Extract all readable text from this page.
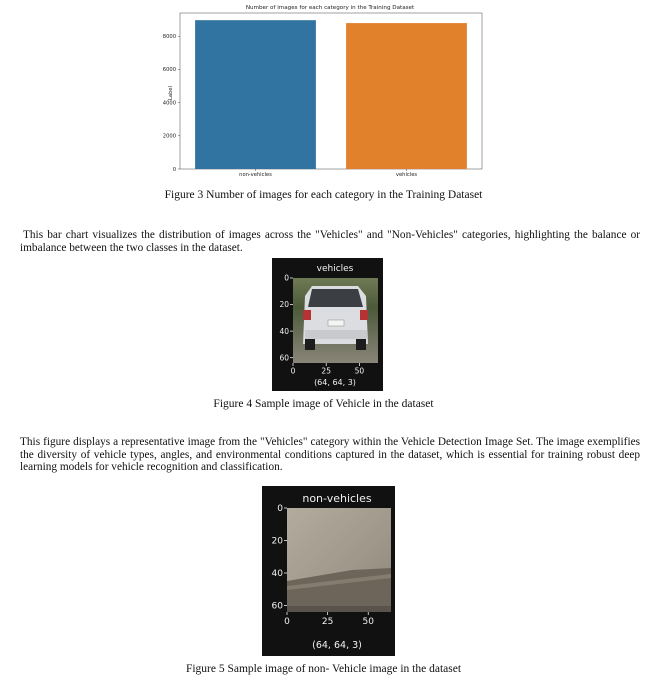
Number of images for each category in the Training Dataset
0
2000
4000
6000
8000
non-vehicles	vehicles
Label
Figure 3 Number of images for each category in the Training Dataset
This bar chart visualizes the distribution of images across the "Vehicles" and "Non-Vehicles" categories, highlighting the balance or imbalance between the two classes in the dataset.
vehicles
0
20
40
60
0	25	50
(64, 64, 3)
Figure 4 Sample image of Vehicle in the dataset
This figure displays a representative image from the "Vehicles" category within the Vehicle Detection Image Set. The image exemplifies the diversity of vehicle types, angles, and environmental conditions captured in the dataset, which is essential for training robust deep learning models for vehicle recognition and classification.
non-vehicles
0
20
40
60
0	25	50
(64, 64, 3)
Figure 5 Sample image of non- Vehicle image in the dataset
